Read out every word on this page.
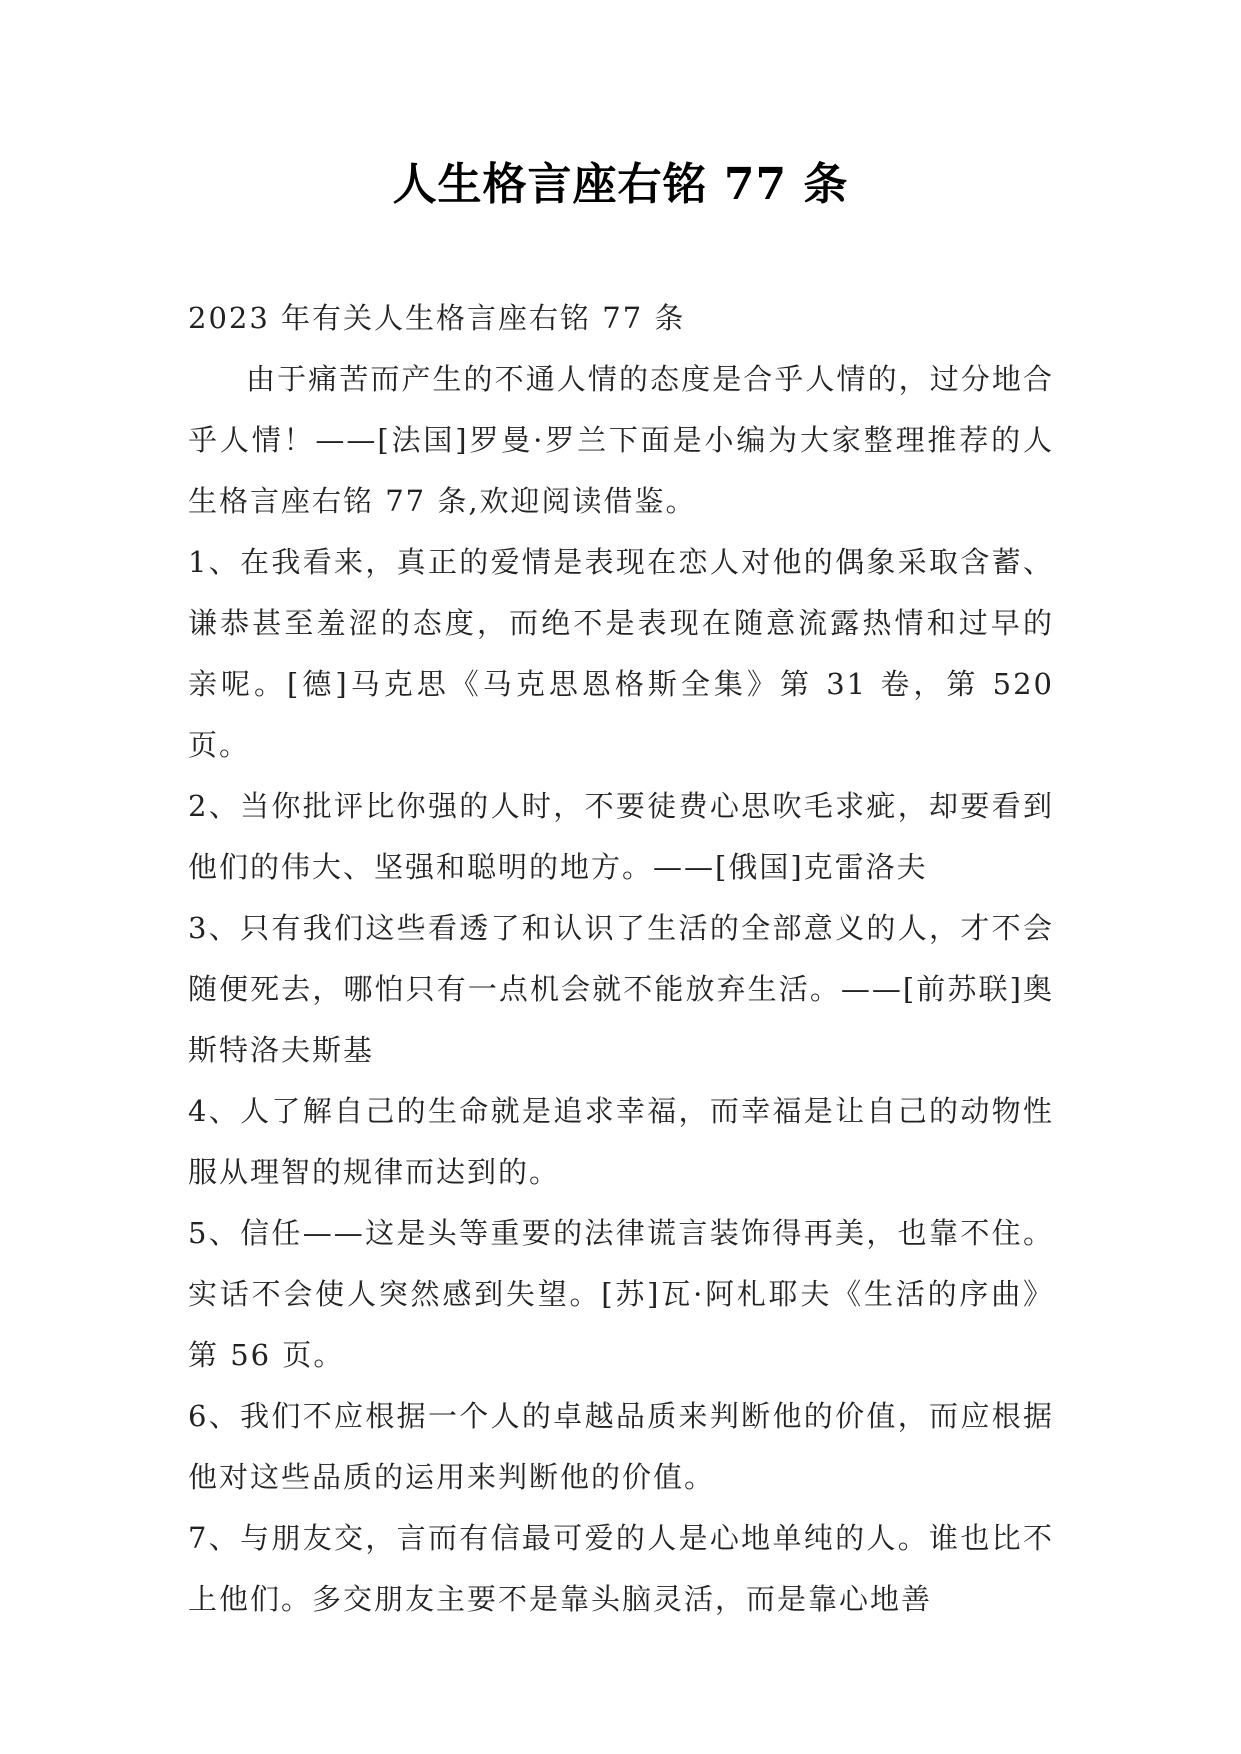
人生格言座右铭 77 条

2023 年有关人生格言座右铭 77 条

由于痛苦而产生的不通人情的态度是合乎人情的，过分地合乎人情！——[法国]罗曼·罗兰下面是小编为大家整理推荐的人生格言座右铭 77 条,欢迎阅读借鉴。

1、在我看来，真正的爱情是表现在恋人对他的偶象采取含蓄、谦恭甚至羞涩的态度，而绝不是表现在随意流露热情和过早的亲呢。[德]马克思《马克思恩格斯全集》第 31 卷，第 520 页。

2、当你批评比你强的人时，不要徒费心思吹毛求疵，却要看到他们的伟大、坚强和聪明的地方。——[俄国]克雷洛夫

3、只有我们这些看透了和认识了生活的全部意义的人，才不会随便死去，哪怕只有一点机会就不能放弃生活。——[前苏联]奥斯特洛夫斯基

4、人了解自己的生命就是追求幸福，而幸福是让自己的动物性服从理智的规律而达到的。

5、信任——这是头等重要的法律谎言装饰得再美，也靠不住。实话不会使人突然感到失望。[苏]瓦·阿札耶夫《生活的序曲》第 56 页。

6、我们不应根据一个人的卓越品质来判断他的价值，而应根据他对这些品质的运用来判断他的价值。

7、与朋友交，言而有信最可爱的人是心地单纯的人。谁也比不上他们。多交朋友主要不是靠头脑灵活，而是靠心地善
